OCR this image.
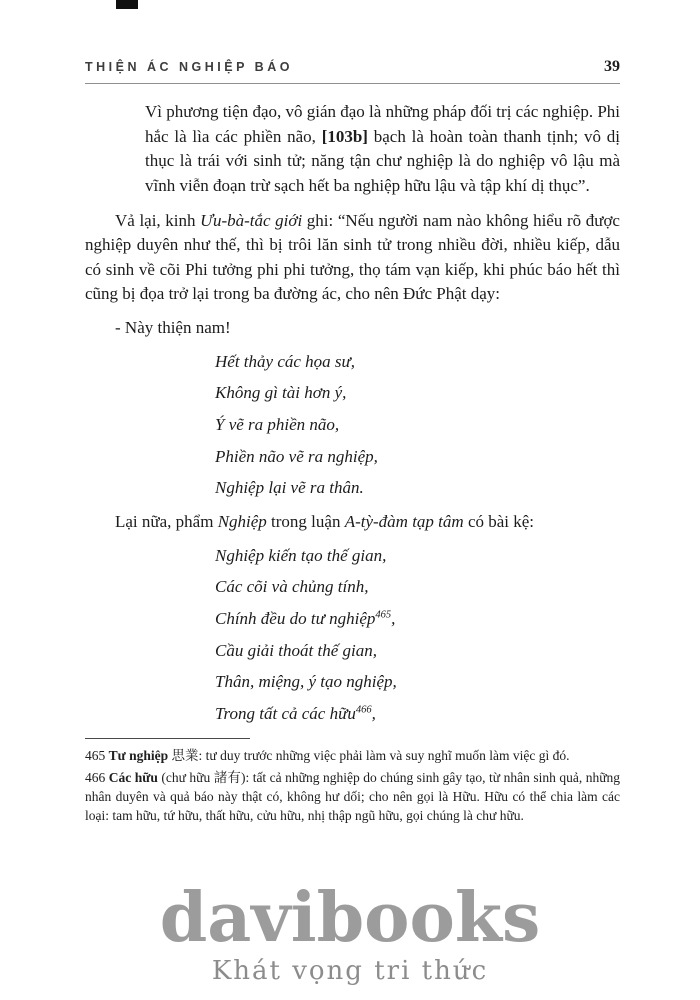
THIỆN ÁC NGHIỆP BÁO	39

Vì phương tiện đạo, vô gián đạo là những pháp đối trị các nghiệp. Phi hắc là lìa các phiền não, [103b] bạch là hoàn toàn thanh tịnh; vô dị thục là trái với sinh tử; năng tận chư nghiệp là do nghiệp vô lậu mà vĩnh viễn đoạn trừ sạch hết ba nghiệp hữu lậu và tập khí dị thục”.

Vả lại, kinh Ưu-bà-tắc giới ghi: “Nếu người nam nào không hiểu rõ được nghiệp duyên như thế, thì bị trôi lăn sinh tử trong nhiều đời, nhiều kiếp, dẫu có sinh về cõi Phi tưởng phi phi tưởng, thọ tám vạn kiếp, khi phúc báo hết thì cũng bị đọa trở lại trong ba đường ác, cho nên Đức Phật dạy:

- Này thiện nam!

Hết thảy các họa sư,

Không gì tài hơn ý,

Ý vẽ ra phiền não,

Phiền não vẽ ra nghiệp,

Nghiệp lại vẽ ra thân.

Lại nữa, phẩm Nghiệp trong luận A-tỳ-đàm tạp tâm có bài kệ:

Nghiệp kiến tạo thế gian,

Các cõi và chủng tính,

Chính đều do tư nghiệp$^{465}$,

Cầu giải thoát thế gian,

Thân, miệng, ý tạo nghiệp,

Trong tất cả các hữu$^{466}$,

465 Tư nghiệp 思業: tư duy trước những việc phải làm và suy nghĩ muốn làm việc gì đó.

466 Các hữu (chư hữu 諸有): tất cả những nghiệp do chúng sinh gây tạo, từ nhân sinh quả, những nhân duyên và quả báo này thật có, không hư dối; cho nên gọi là Hữu. Hữu có thể chia làm các loại: tam hữu, tứ hữu, thất hữu, cửu hữu, nhị thập ngũ hữu, gọi chúng là chư hữu.

davibooks
Khát vọng tri thức
